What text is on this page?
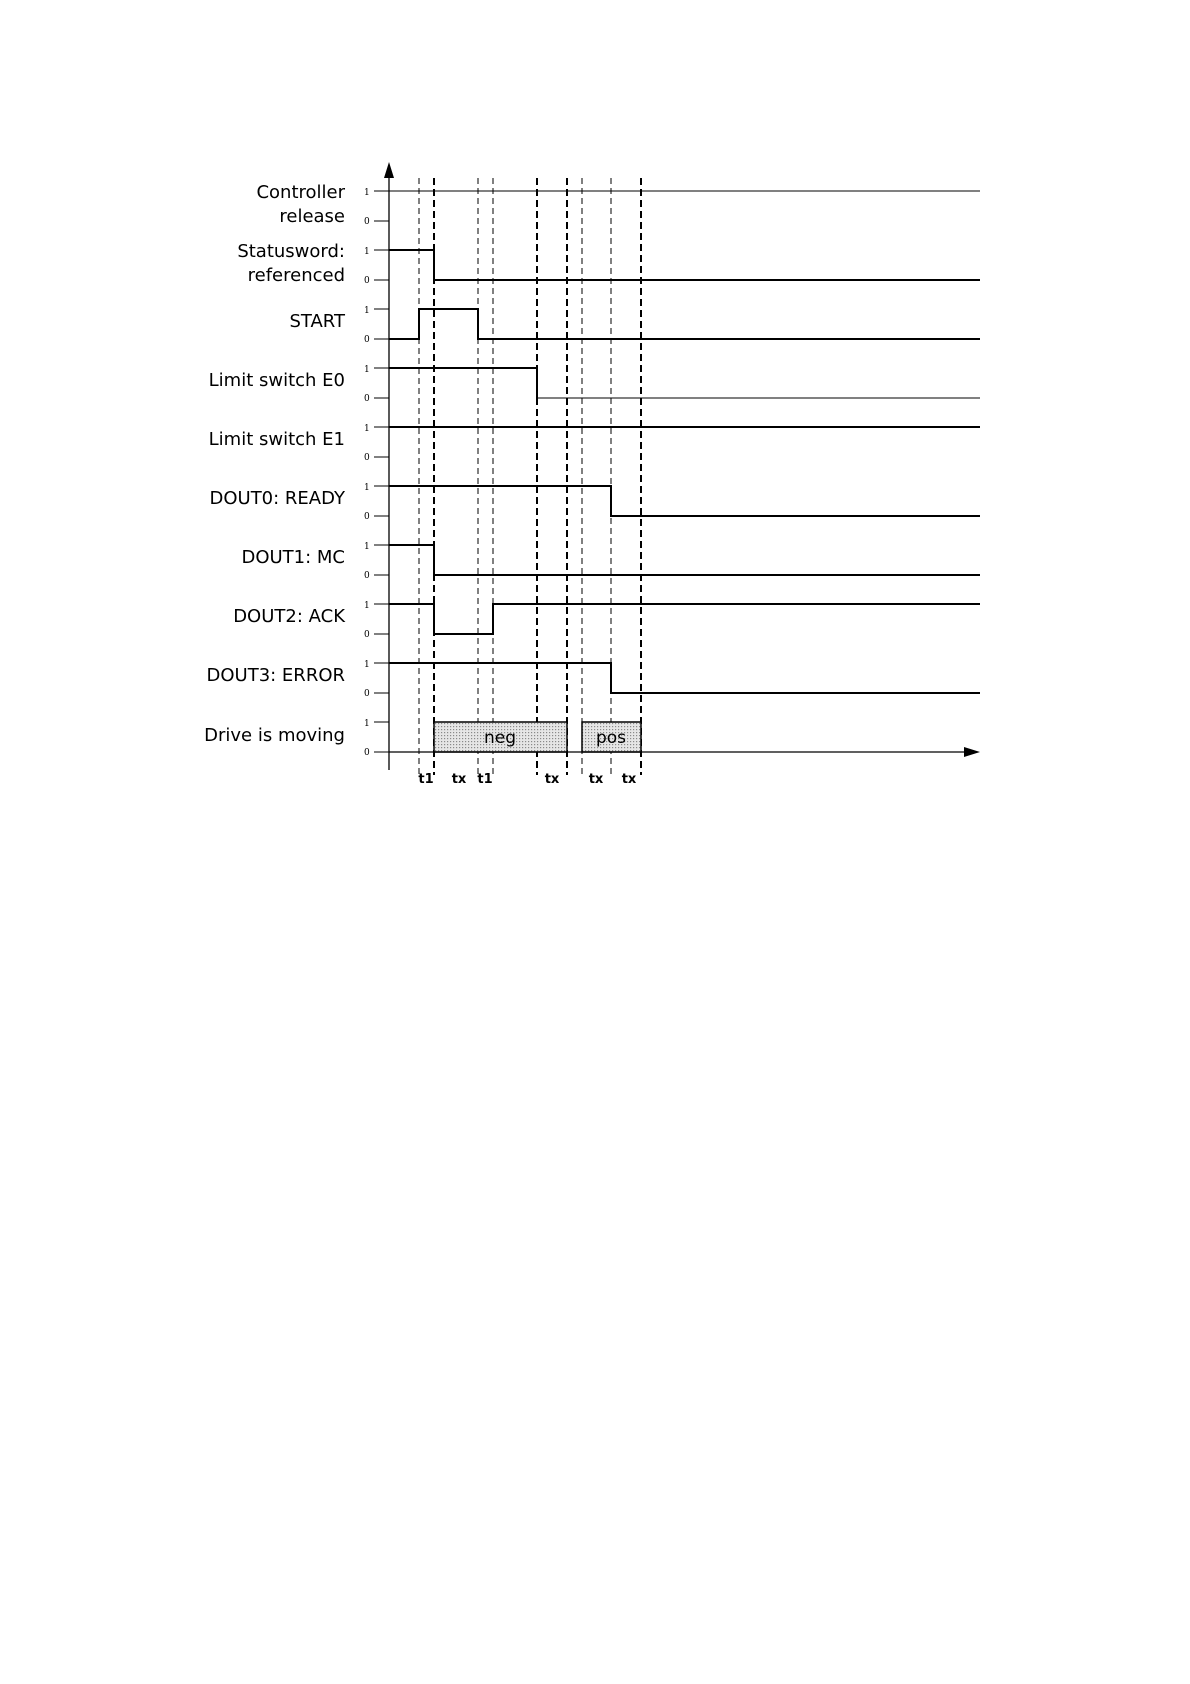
Controller
release
Statusword:
referenced
START
Limit switch E0
Limit switch E1
DOUT0: READY
DOUT1: MC
DOUT2: ACK
DOUT3: ERROR
Drive is moving
1
0
1
0
1
0
1
0
1
0
1
0
1
0
1
0
1
0
1
0
neg	pos
t1 tx t1	tx tx tx
